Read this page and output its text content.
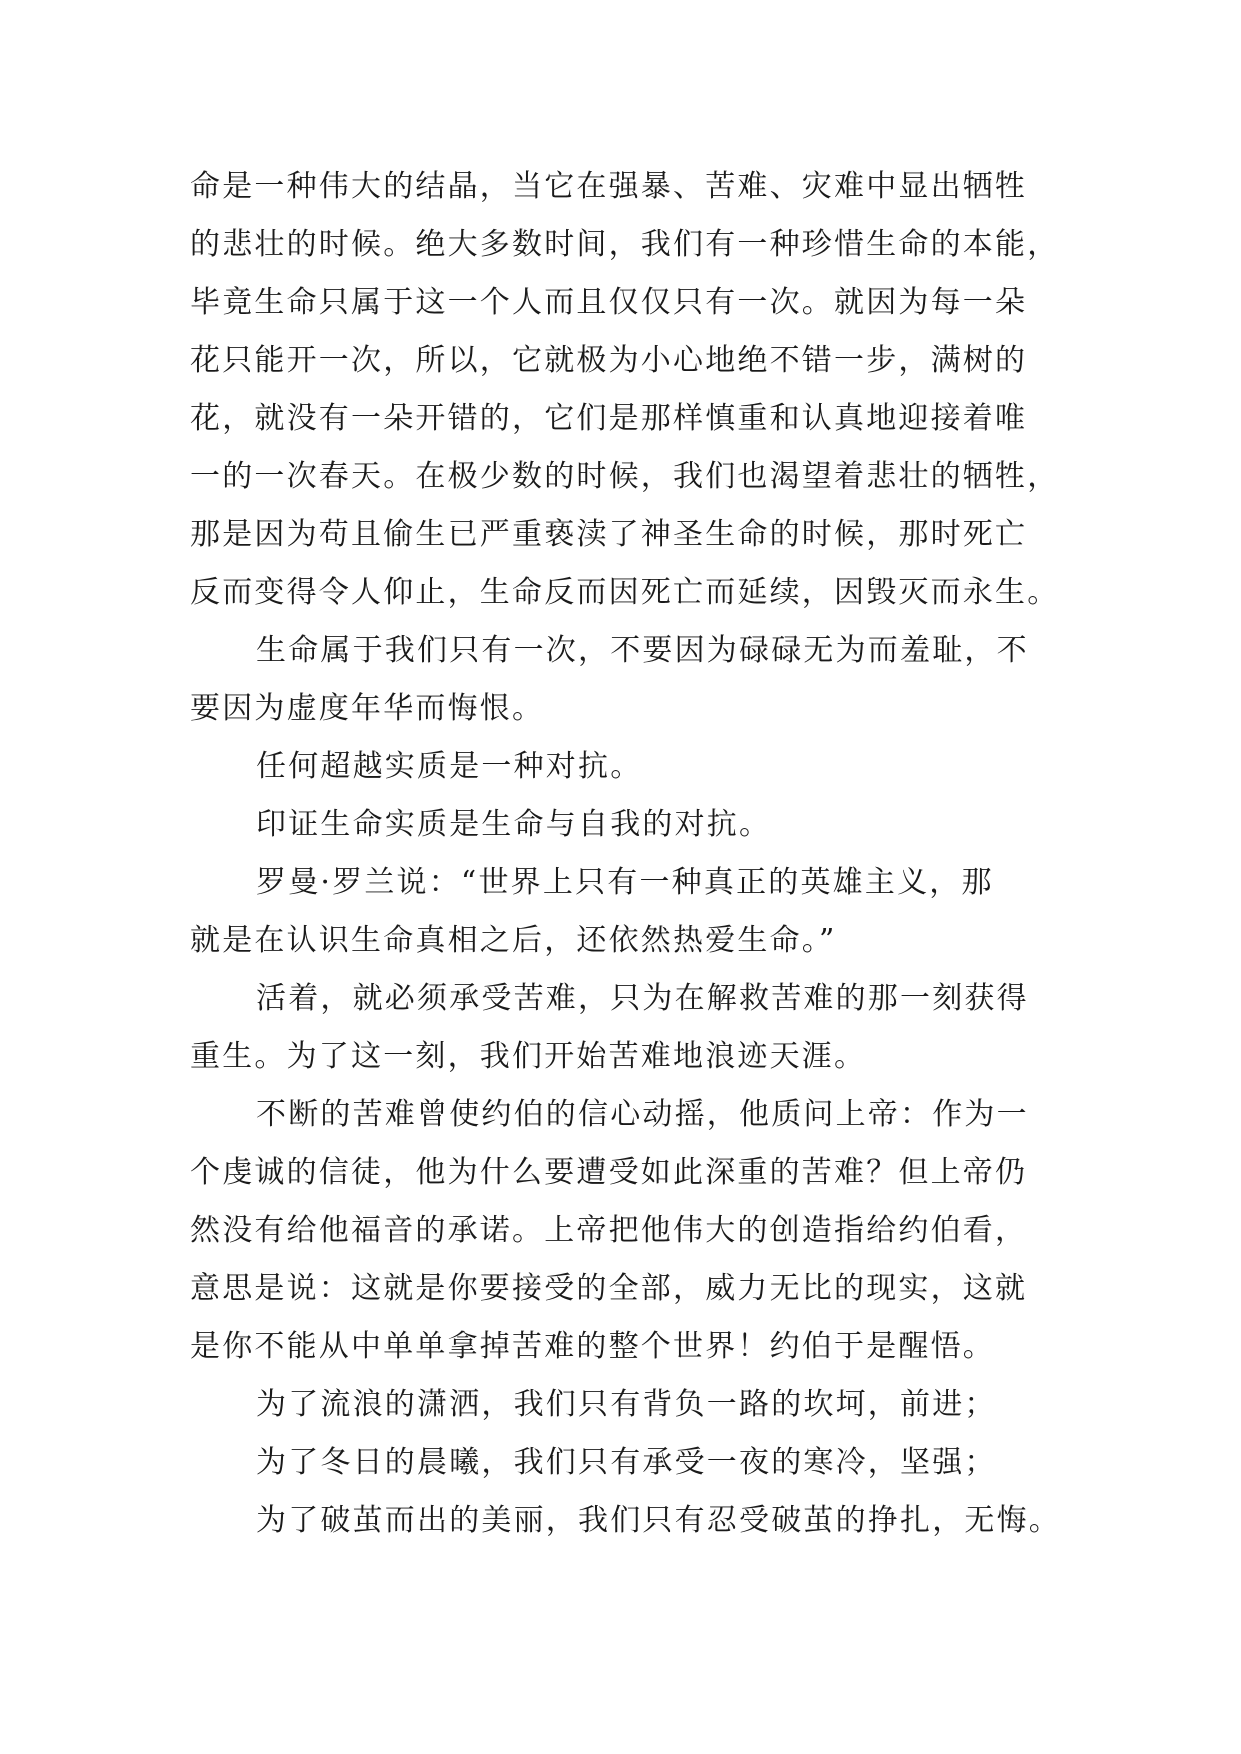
命是一种伟大的结晶，当它在强暴、苦难、灾难中显出牺牲
的悲壮的时候。绝大多数时间，我们有一种珍惜生命的本能，
毕竟生命只属于这一个人而且仅仅只有一次。就因为每一朵
花只能开一次，所以，它就极为小心地绝不错一步，满树的
花，就没有一朵开错的，它们是那样慎重和认真地迎接着唯
一的一次春天。在极少数的时候，我们也渴望着悲壮的牺牲，
那是因为苟且偷生已严重亵渎了神圣生命的时候，那时死亡
反而变得令人仰止，生命反而因死亡而延续，因毁灭而永生。
生命属于我们只有一次，不要因为碌碌无为而羞耻，不
要因为虚度年华而悔恨。
任何超越实质是一种对抗。
印证生命实质是生命与自我的对抗。
罗曼·罗兰说：“世界上只有一种真正的英雄主义，那
就是在认识生命真相之后，还依然热爱生命。”
活着，就必须承受苦难，只为在解救苦难的那一刻获得
重生。为了这一刻，我们开始苦难地浪迹天涯。
不断的苦难曾使约伯的信心动摇，他质问上帝：作为一
个虔诚的信徒，他为什么要遭受如此深重的苦难？但上帝仍
然没有给他福音的承诺。上帝把他伟大的创造指给约伯看，
意思是说：这就是你要接受的全部，威力无比的现实，这就
是你不能从中单单拿掉苦难的整个世界！约伯于是醒悟。
为了流浪的潇洒，我们只有背负一路的坎坷，前进；
为了冬日的晨曦，我们只有承受一夜的寒冷，坚强；
为了破茧而出的美丽，我们只有忍受破茧的挣扎，无悔。
